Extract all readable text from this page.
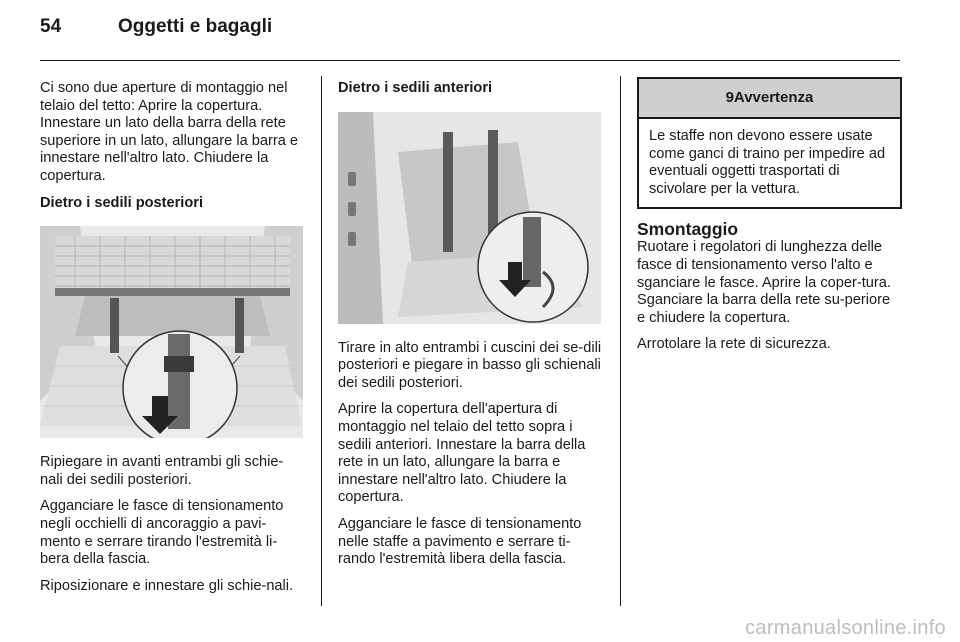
54	Oggetti e bagagli

Ci sono due aperture di montaggio nel telaio del tetto: Aprire la copertura. Innestare un lato della barra della rete superiore in un lato, allungare la barra e innestare nell'altro lato. Chiudere la copertura.

Dietro i sedili posteriori

Ripiegare in avanti entrambi gli schie-nali dei sedili posteriori.

Agganciare le fasce di tensionamento negli occhielli di ancoraggio a pavi-mento e serrare tirando l'estremità li-bera della fascia.

Riposizionare e innestare gli schie-nali.

Dietro i sedili anteriori

Tirare in alto entrambi i cuscini dei se-dili posteriori e piegare in basso gli schienali dei sedili posteriori.

Aprire la copertura dell'apertura di montaggio nel telaio del tetto sopra i sedili anteriori. Innestare la barra della rete in un lato, allungare la barra e innestare nell'altro lato. Chiudere la copertura.

Agganciare le fasce di tensionamento nelle staffe a pavimento e serrare ti-rando l'estremità libera della fascia.

9 Avvertenza
Le staffe non devono essere usate come ganci di traino per impedire ad eventuali oggetti trasportati di scivolare per la vettura.
Smontaggio

Ruotare i regolatori di lunghezza delle fasce di tensionamento verso l'alto e sganciare le fasce. Aprire la coper-tura. Sganciare la barra della rete su-periore e chiudere la copertura.

Arrotolare la rete di sicurezza.

carmanualsonline.info
